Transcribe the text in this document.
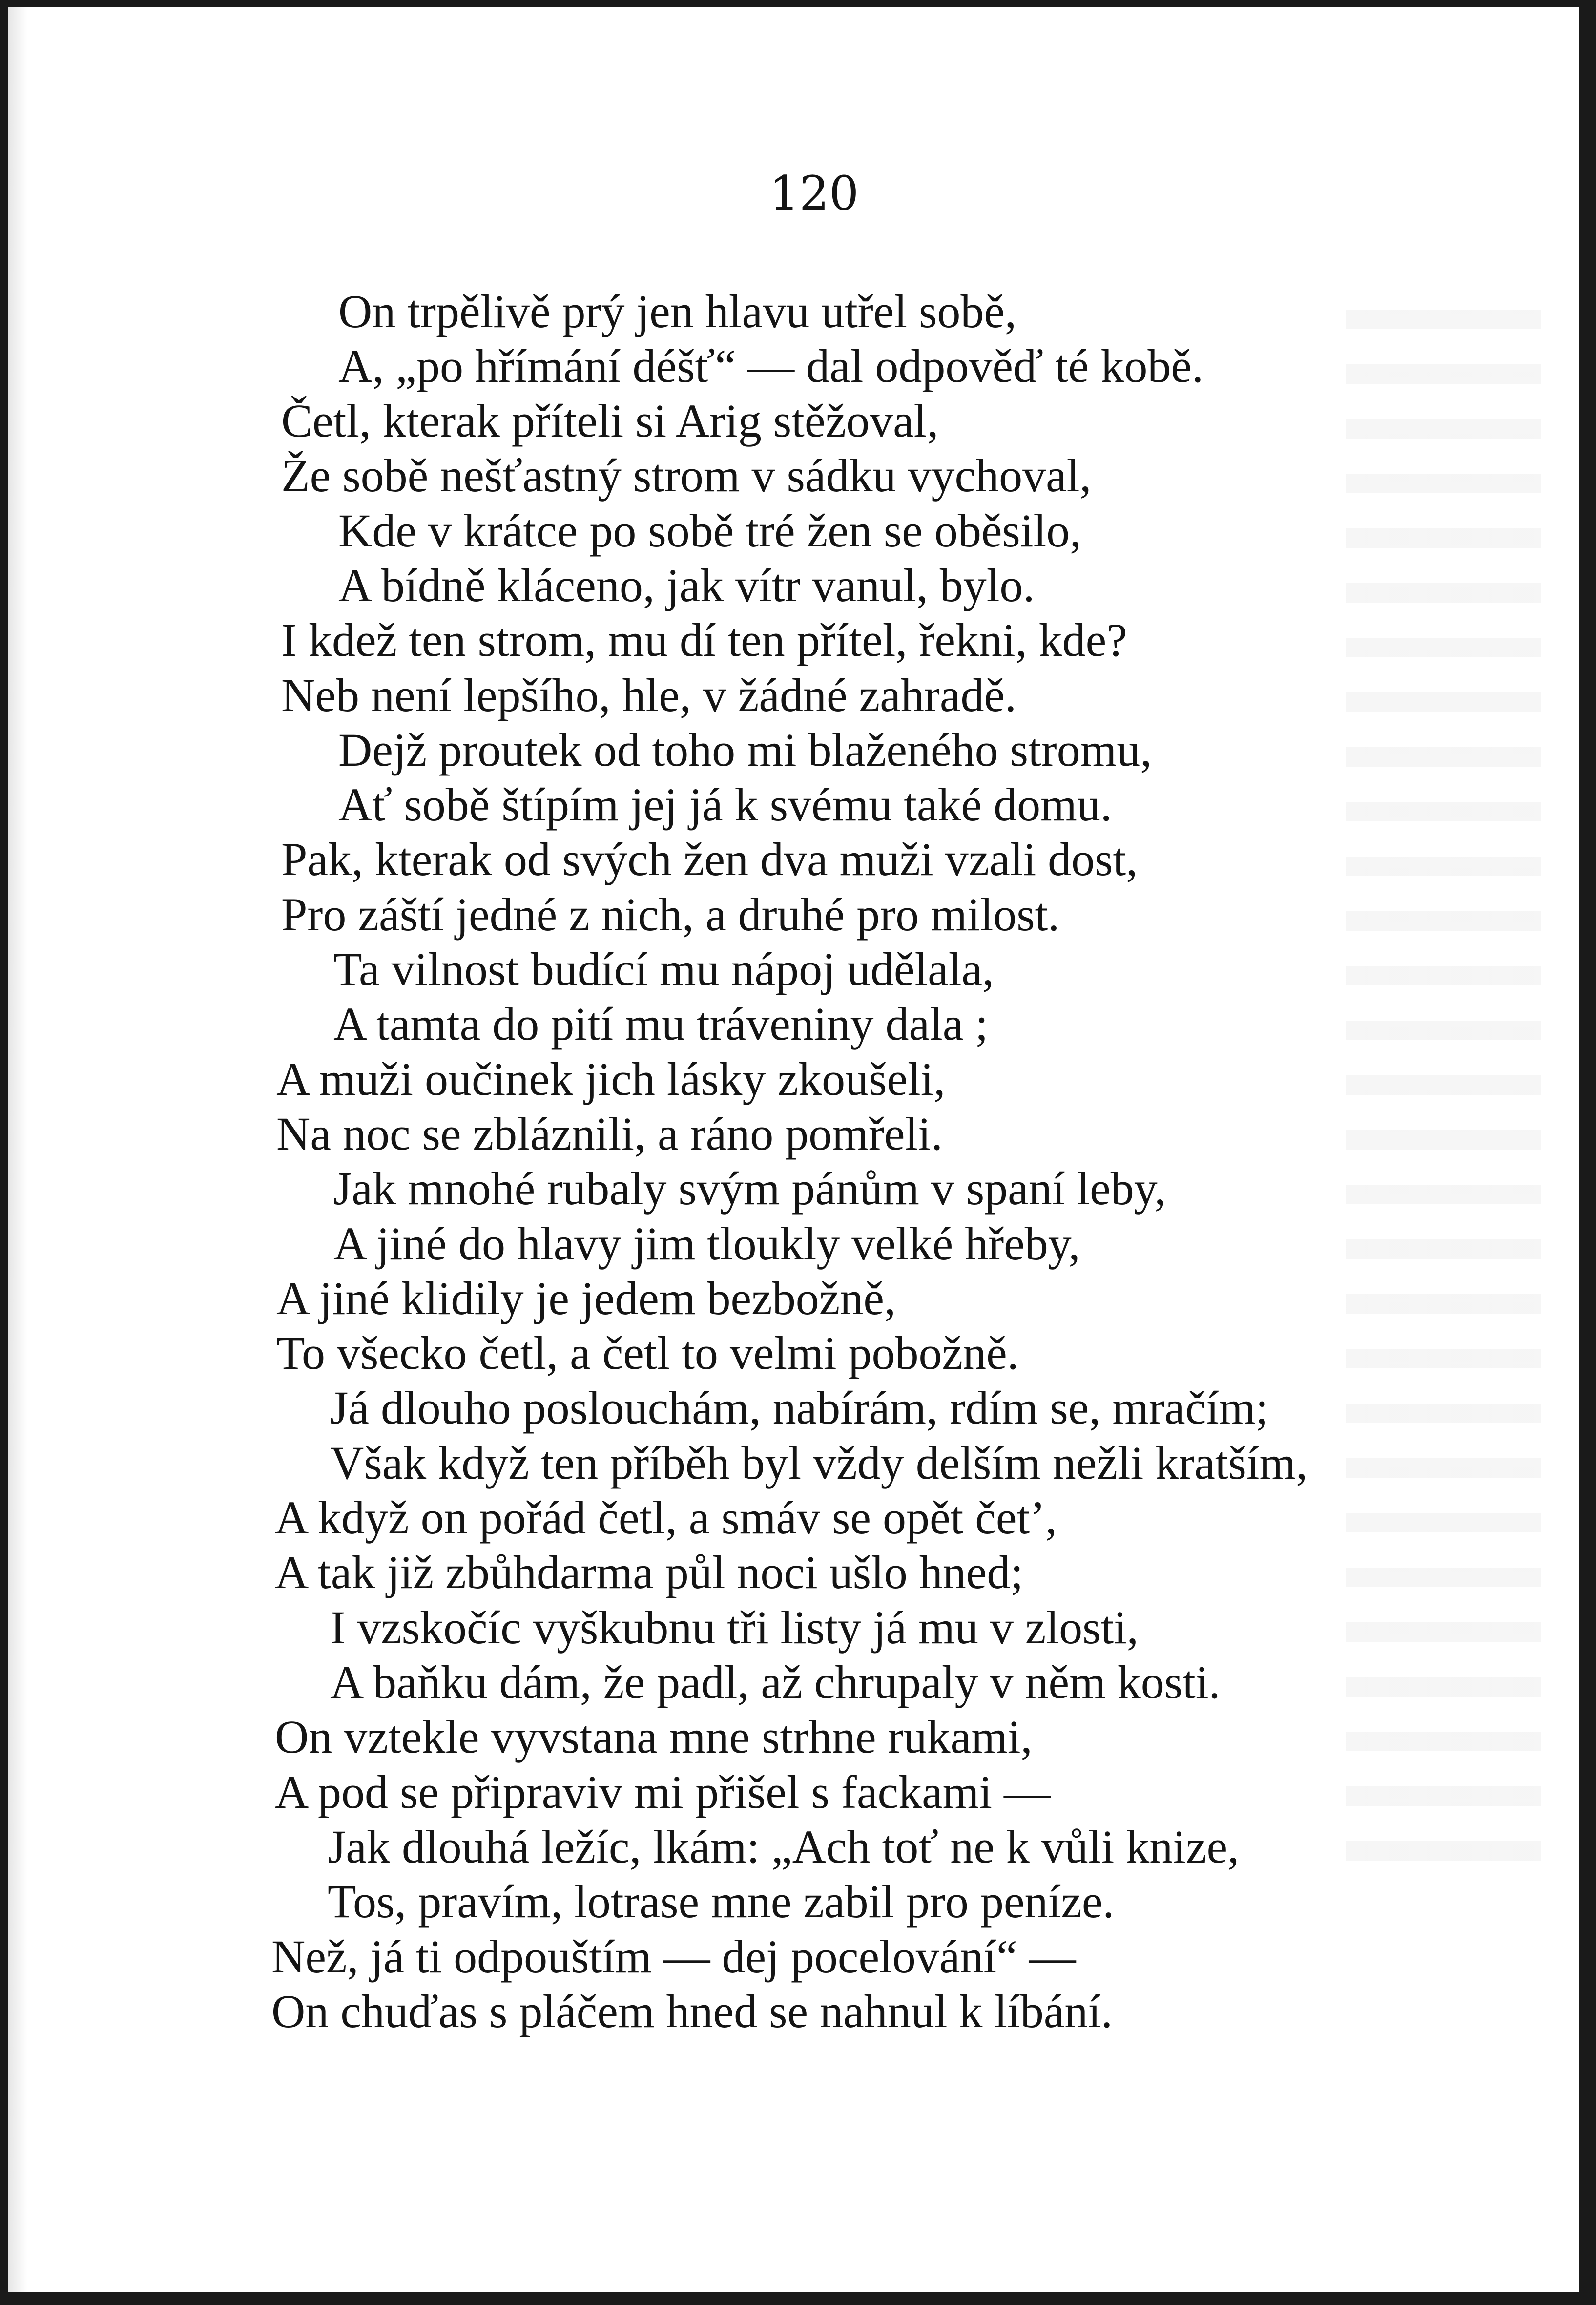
120
On trpělivě prý jen hlavu utřel sobě,
A, „po hřímání déšť“ — dal odpověď té kobě.
Četl, kterak příteli si Arig stěžoval,
Že sobě nešťastný strom v sádku vychoval,
Kde v krátce po sobě tré žen se oběsilo,
A bídně kláceno, jak vítr vanul, bylo.
I kdež ten strom, mu dí ten přítel, řekni, kde?
Neb není lepšího, hle, v žádné zahradě.
Dejž proutek od toho mi blaženého stromu,
Ať sobě štípím jej já k svému také domu.
Pak, kterak od svých žen dva muži vzali dost,
Pro záští jedné z nich, a druhé pro milost.
Ta vilnost budící mu nápoj udělala,
A tamta do pití mu tráveniny dala ;
A muži oučinek jich lásky zkoušeli,
Na noc se zbláznili, a ráno pomřeli.
Jak mnohé rubaly svým pánům v spaní leby,
A jiné do hlavy jim tloukly velké hřeby,
A jiné klidily je jedem bezbožně,
To všecko četl, a četl to velmi pobožně.
Já dlouho poslouchám, nabírám, rdím se, mračím;
Však když ten příběh byl vždy delším nežli kratším,
A když on pořád četl, a smáv se opět čet’,
A tak již zbůhdarma půl noci ušlo hned;
I vzskočíc vyškubnu tři listy já mu v zlosti,
A baňku dám, že padl, až chrupaly v něm kosti.
On vztekle vyvstana mne strhne rukami,
A pod se připraviv mi přišel s fackami —
Jak dlouhá ležíc, lkám: „Ach toť ne k vůli knize,
Tos, pravím, lotrase mne zabil pro peníze.
Než, já ti odpouštím — dej pocelování“ —
On chuďas s pláčem hned se nahnul k líbání.
